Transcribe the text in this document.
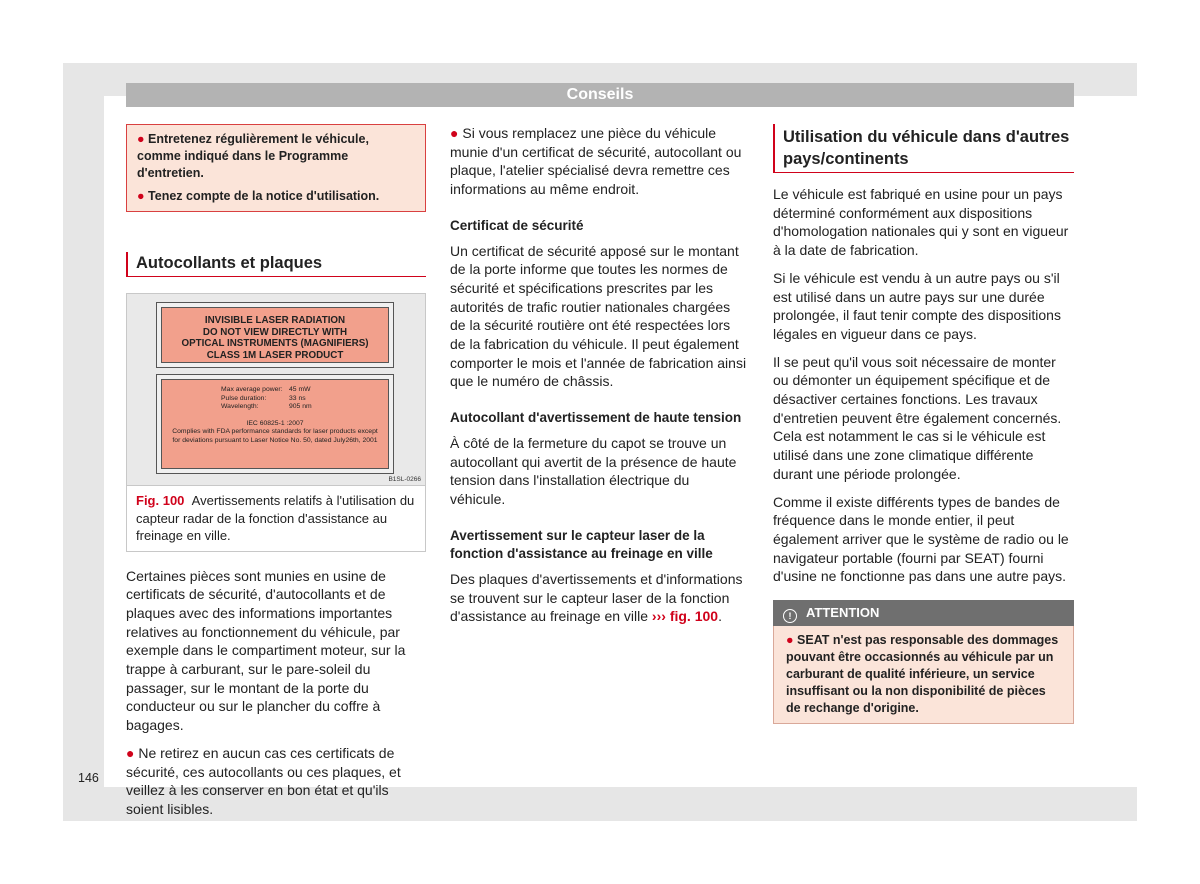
Conseils

● Entretenez régulièrement le véhicule, comme indiqué dans le Programme d'entretien.

● Tenez compte de la notice d'utilisation.

Autocollants et plaques
INVISIBLE LASER RADIATION
DO NOT VIEW DIRECTLY WITH
OPTICAL INSTRUMENTS (MAGNIFIERS)
CLASS 1M LASER PRODUCT
Max average power: 45 mW
Pulse duration:	33 ns
Wavelength:	905 nm
IEC 60825-1 :2007
Complies with FDA performance standards for laser products except for deviations pursuant to Laser Notice No. 50, dated July26th, 2001
B1SL-0266
Fig. 100 Avertissements relatifs à l'utilisation du capteur radar de la fonction d'assistance au freinage en ville.

Certaines pièces sont munies en usine de certificats de sécurité, d'autocollants et de plaques avec des informations importantes relatives au fonctionnement du véhicule, par exemple dans le compartiment moteur, sur la trappe à carburant, sur le pare-soleil du passager, sur le montant de la porte du conducteur ou sur le plancher du coffre à bagages.

● Ne retirez en aucun cas ces certificats de sécurité, ces autocollants ou ces plaques, et veillez à les conserver en bon état et qu'ils soient lisibles.

● Si vous remplacez une pièce du véhicule munie d'un certificat de sécurité, autocollant ou plaque, l'atelier spécialisé devra remettre ces informations au même endroit.

Certificat de sécurité

Un certificat de sécurité apposé sur le montant de la porte informe que toutes les normes de sécurité et spécifications prescrites par les autorités de trafic routier nationales chargées de la sécurité routière ont été respectées lors de la fabrication du véhicule. Il peut également comporter le mois et l'année de fabrication ainsi que le numéro de châssis.

Autocollant d'avertissement de haute tension

À côté de la fermeture du capot se trouve un autocollant qui avertit de la présence de haute tension dans l'installation électrique du véhicule.

Avertissement sur le capteur laser de la fonction d'assistance au freinage en ville

Des plaques d'avertissements et d'informations se trouvent sur le capteur laser de la fonction d'assistance au freinage en ville ››› fig. 100.

Utilisation du véhicule dans d'autres pays/continents

Le véhicule est fabriqué en usine pour un pays déterminé conformément aux dispositions d'homologation nationales qui y sont en vigueur à la date de fabrication.

Si le véhicule est vendu à un autre pays ou s'il est utilisé dans un autre pays sur une durée prolongée, il faut tenir compte des dispositions légales en vigueur dans ce pays.

Il se peut qu'il vous soit nécessaire de monter ou démonter un équipement spécifique et de désactiver certaines fonctions. Les travaux d'entretien peuvent être également concernés. Cela est notamment le cas si le véhicule est utilisé dans une zone climatique différente durant une période prolongée.

Comme il existe différents types de bandes de fréquence dans le monde entier, il peut également arriver que le système de radio ou le navigateur portable (fourni par SEAT) fourni d'usine ne fonctionne pas dans une autre pays.

! ATTENTION
● SEAT n'est pas responsable des dommages pouvant être occasionnés au véhicule par un carburant de qualité inférieure, un service insuffisant ou la non disponibilité de pièces de rechange d'origine.
146
